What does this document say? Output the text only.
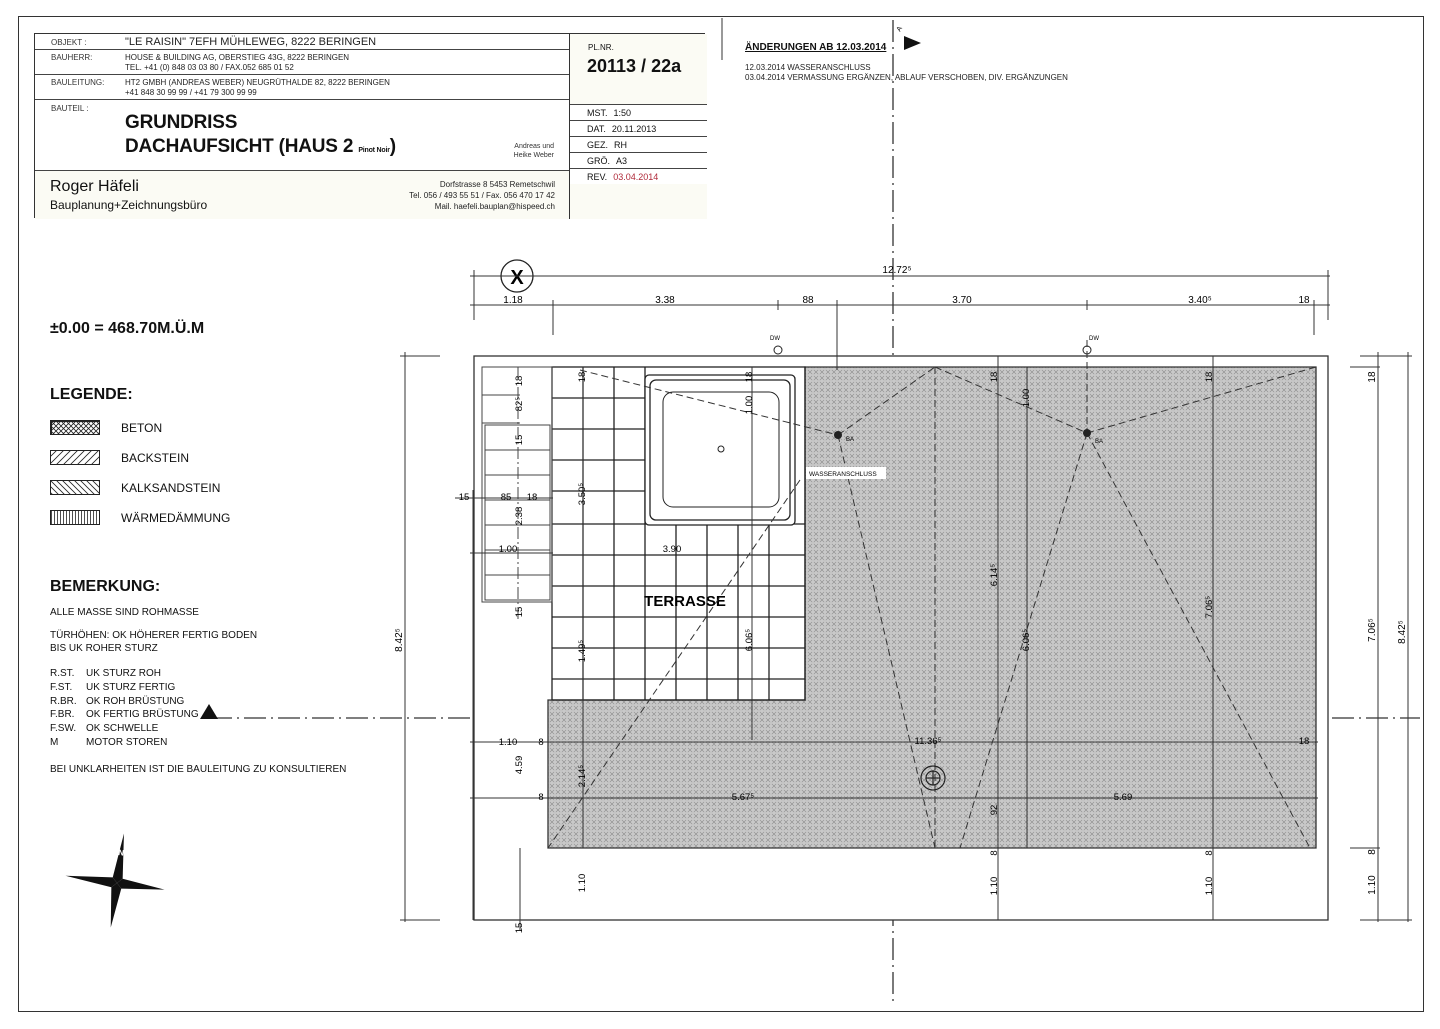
OBJEKT :	"LE RAISIN" 7EFH MÜHLEWEG, 8222 BERINGEN
BAUHERR:	HOUSE & BUILDING AG, OBERSTIEG 43G, 8222 BERINGEN
TEL. +41 (0) 848 03 03 80 / FAX.052 685 01 52
BAULEITUNG:	HT2 GMBH (ANDREAS WEBER) NEUGRÜTHALDE 82, 8222 BERINGEN
+41 848 30 99 99 / +41 79 300 99 99
BAUTEIL :
GRUNDRISS
DACHAUFSICHT (HAUS 2 Pinot Noir)	Andreas und
Heike Weber
Roger Häfeli
Bauplanung+Zeichnungsbüro
Dorfstrasse 8 5453 Remetschwil
Tel. 056 / 493 55 51 / Fax. 056 470 17 42
Mail. haefeli.bauplan@hispeed.ch
PL.NR.
20113 / 22a
MST. 1:50
DAT. 20.11.2013
GEZ. RH
GRÖ. A3
REV. 03.04.2014
ÄNDERUNGEN AB 12.03.2014
12.03.2014 WASSERANSCHLUSS
03.04.2014 VERMASSUNG ERGÄNZEN, ABLAUF VERSCHOBEN, DIV. ERGÄNZUNGEN
±0.00 = 468.70M.Ü.M
LEGENDE:
BETON
BACKSTEIN
KALKSANDSTEIN
WÄRMEDÄMMUNG
BEMERKUNG:
ALLE MASSE SIND ROHMASSE
TÜRHÖHEN: OK HÖHERER FERTIG BODEN
BIS UK ROHER STURZ
R.ST. UK STURZ ROH
F.ST. UK STURZ FERTIG
R.BR. OK ROH BRÜSTUNG
F.BR. OK FERTIG BRÜSTUNG
F.SW. OK SCHWELLE
M	MOTOR STOREN
BEI UNKLARHEITEN IST DIE BAULEITUNG ZU KONSULTIEREN
A
TERRASSE
BA	BA
DW	DW
WASSERANSCHLUSS
X	12.72⁵
1.18	3.38	88	3.70	3.40⁵	18
8.42⁵
18
7.06⁵ 8.42⁵
8
1.10
18
82⁵
15
2.38
15
15	85 18
1.00
18
3.50⁵
3.90
1.49⁵	6.06⁵
18
1.00
18
1.00
6.14⁵
6.06⁵
18
7.06⁵
1.10 8
4.59	2.14⁵
8
11.36⁵	18
5.67⁵	5.69
92
1.10
15
8
1.10
8
1.10
N
